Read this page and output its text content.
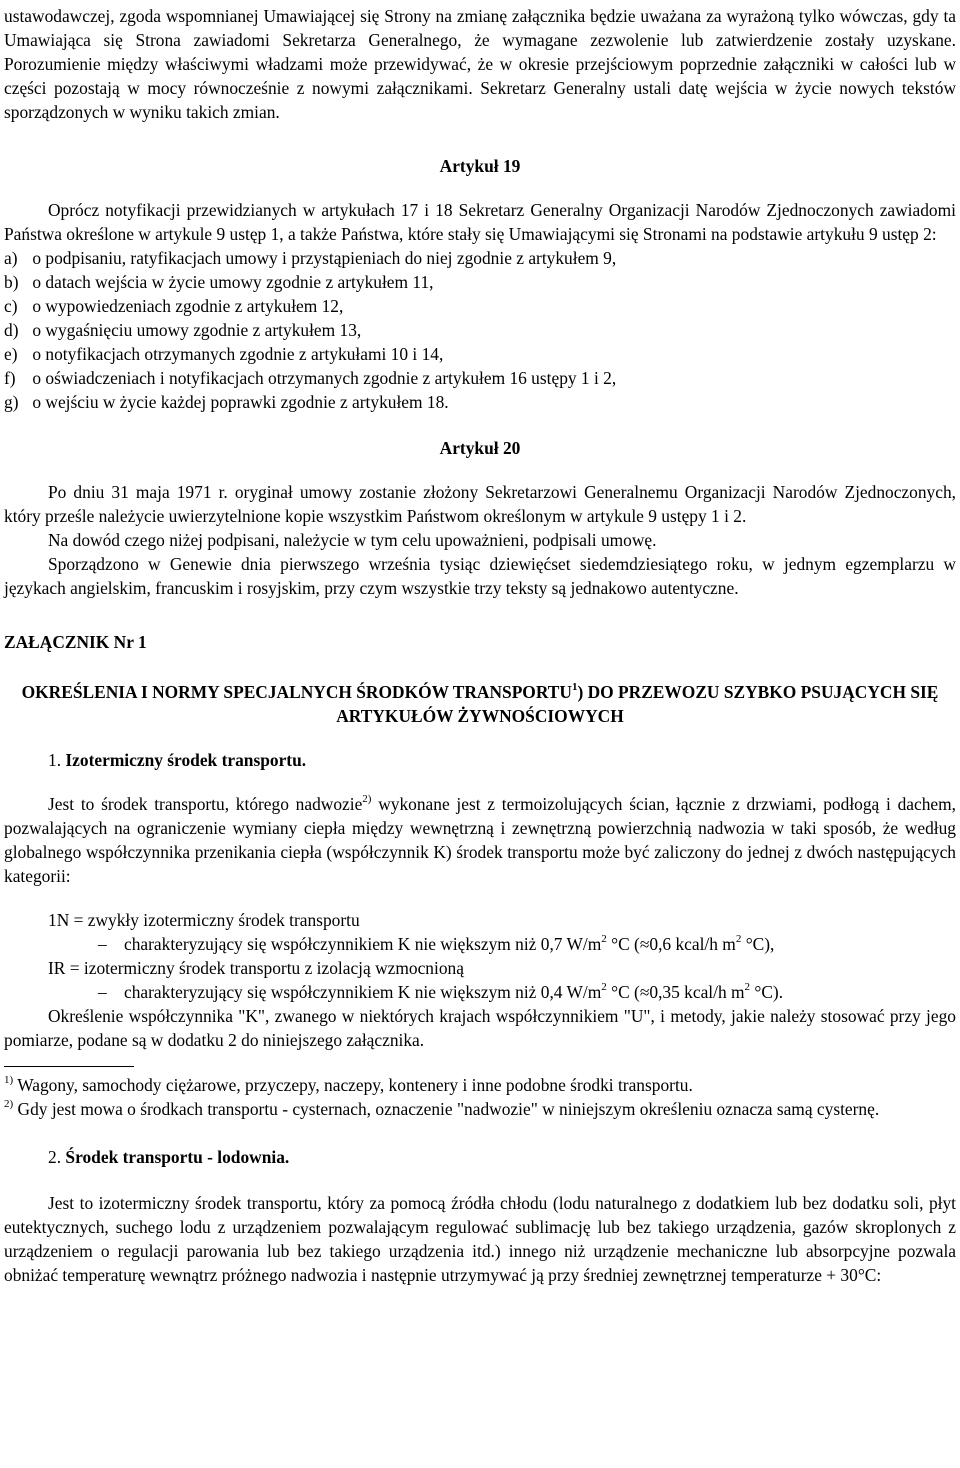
ustawodawczej, zgoda wspomnianej Umawiającej się Strony na zmianę załącznika będzie uważana za wyrażoną tylko wówczas, gdy ta Umawiająca się Strona zawiadomi Sekretarza Generalnego, że wymagane zezwolenie lub zatwierdzenie zostały uzyskane. Porozumienie między właściwymi władzami może przewidywać, że w okresie przejściowym poprzednie załączniki w całości lub w części pozostają w mocy równocześnie z nowymi załącznikami. Sekretarz Generalny ustali datę wejścia w życie nowych tekstów sporządzonych w wyniku takich zmian.

Artykuł 19

Oprócz notyfikacji przewidzianych w artykułach 17 i 18 Sekretarz Generalny Organizacji Narodów Zjednoczonych zawiadomi Państwa określone w artykule 9 ustęp 1, a także Państwa, które stały się Umawiającymi się Stronami na podstawie artykułu 9 ustęp 2:

a) o podpisaniu, ratyfikacjach umowy i przystąpieniach do niej zgodnie z artykułem 9,

b) o datach wejścia w życie umowy zgodnie z artykułem 11,

c) o wypowiedzeniach zgodnie z artykułem 12,

d) o wygaśnięciu umowy zgodnie z artykułem 13,

e) o notyfikacjach otrzymanych zgodnie z artykułami 10 i 14,

f) o oświadczeniach i notyfikacjach otrzymanych zgodnie z artykułem 16 ustępy 1 i 2,

g) o wejściu w życie każdej poprawki zgodnie z artykułem 18.

Artykuł 20

Po dniu 31 maja 1971 r. oryginał umowy zostanie złożony Sekretarzowi Generalnemu Organizacji Narodów Zjednoczonych, który prześle należycie uwierzytelnione kopie wszystkim Państwom określonym w artykule 9 ustępy 1 i 2.

Na dowód czego niżej podpisani, należycie w tym celu upoważnieni, podpisali umowę.

Sporządzono w Genewie dnia pierwszego września tysiąc dziewięćset siedemdziesiątego roku, w jednym egzemplarzu w językach angielskim, francuskim i rosyjskim, przy czym wszystkie trzy teksty są jednakowo autentyczne.

ZAŁĄCZNIK Nr 1

OKREŚLENIA I NORMY SPECJALNYCH ŚRODKÓW TRANSPORTU$^1$) DO PRZEWOZU SZYBKO PSUJĄCYCH SIĘ ARTYKUŁÓW ŻYWNOŚCIOWYCH

1. Izotermiczny środek transportu.

Jest to środek transportu, którego nadwozie$^{2)}$ wykonane jest z termoizolujących ścian, łącznie z drzwiami, podłogą i dachem, pozwalających na ograniczenie wymiany ciepła między wewnętrzną i zewnętrzną powierzchnią nadwozia w taki sposób, że według globalnego współczynnika przenikania ciepła (współczynnik K) środek transportu może być zaliczony do jednej z dwóch następujących kategorii:

1N = zwykły izotermiczny środek transportu

– charakteryzujący się współczynnikiem K nie większym niż 0,7 $W/m^2$ °C (≈0,6 kcal/h $m^2$ °C),

IR = izotermiczny środek transportu z izolacją wzmocnioną

– charakteryzujący się współczynnikiem K nie większym niż 0,4 $W/m^2$ °C (≈0,35 kcal/h $m^2$ °C).

Określenie współczynnika "K", zwanego w niektórych krajach współczynnikiem "U", i metody, jakie należy stosować przy jego pomiarze, podane są w dodatku 2 do niniejszego załącznika.

$^{1)}$ Wagony, samochody ciężarowe, przyczepy, naczepy, kontenery i inne podobne środki transportu.

$^{2)}$ Gdy jest mowa o środkach transportu - cysternach, oznaczenie "nadwozie" w niniejszym określeniu oznacza samą cysternę.

2. Środek transportu - lodownia.

Jest to izotermiczny środek transportu, który za pomocą źródła chłodu (lodu naturalnego z dodatkiem lub bez dodatku soli, płyt eutektycznych, suchego lodu z urządzeniem pozwalającym regulować sublimację lub bez takiego urządzenia, gazów skroplonych z urządzeniem o regulacji parowania lub bez takiego urządzenia itd.) innego niż urządzenie mechaniczne lub absorpcyjne pozwala obniżać temperaturę wewnątrz próżnego nadwozia i następnie utrzymywać ją przy średniej zewnętrznej temperaturze + 30°C:
